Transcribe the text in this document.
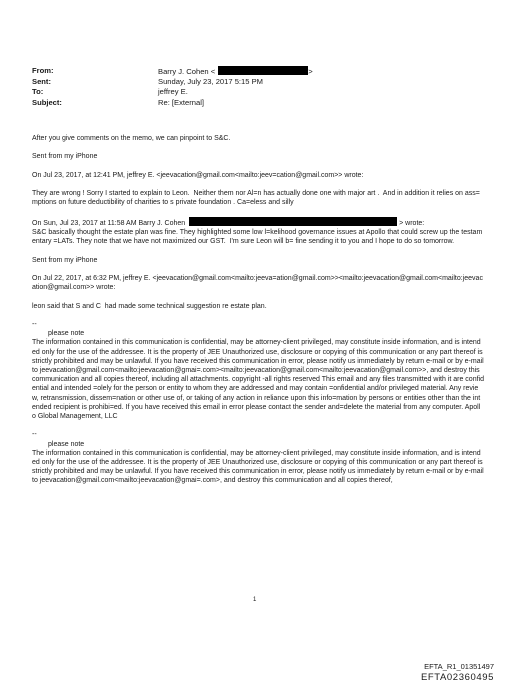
From:	Barry J. Cohen <	>
Sent:	Sunday, July 23, 2017 5:15 PM
To:	jeffrey E.
Subject:	Re: [External]

After you give comments on the memo, we can pinpoint to S&C.

Sent from my iPhone

On Jul 23, 2017, at 12:41 PM, jeffrey E. <jeevacation@gmail.com<mailto:jeev=cation@gmail.com>> wrote:

They are wrong ! Sorry I started to explain to Leon.  Neither them nor Al=n has actually done one with major art .  And in addition it relies on ass=mptions on future deductibility of charities to s private foundation . Ca=eless and silly

On Sun, Jul 23, 2017 at 11:58 AM Barry J. Cohen	> wrote:
S&C basically thought the estate plan was fine. They highlighted some low l=kelihood governance issues at Apollo that could screw up the testamentary =LATs. They note that we have not maximized our GST.  I'm sure Leon will b= fine sending it to you and I hope to do so tomorrow.

Sent from my iPhone

On Jul 22, 2017, at 6:32 PM, jeffrey E. <jeevacation@gmail.com<mailto:jeeva=ation@gmail.com>><mailto:jeevacation@gmail.com<mailto:jeevacation@gmail.com>> wrote:

leon said that S and C  had made some technical suggestion re estate plan.

--

please note

The information contained in this communication is confidential, may be attorney-client privileged, may constitute inside information, and is intended only for the use of the addressee. It is the property of JEE Unauthorized use, disclosure or copying of this communication or any part thereof is strictly prohibited and may be unlawful. If you have received this communication in error, please notify us immediately by return e-mail or by e-mail to jeevacation@gmail.com<mailto:jeevacation@gmai=.com><mailto:jeevacation@gmail.com<mailto:jeevacation@gmail.com>>, and destroy this communication and all copies thereof, including all attachments. copyright -all rights reserved This email and any files transmitted with it are confidential and intended =olely for the person or entity to whom they are addressed and may contain =onfidential and/or privileged material. Any review, retransmission, dissem=nation or other use of, or taking of any action in reliance upon this info=mation by persons or entities other than the intended recipient is prohibi=ed. If you have received this email in error please contact the sender and=delete the material from any computer. Apollo Global Management, LLC

--

please note

The information contained in this communication is confidential, may be attorney-client privileged, may constitute inside information, and is intended only for the use of the addressee. It is the property of JEE Unauthorized use, disclosure or copying of this communication or any part thereof is strictly prohibited and may be unlawful. If you have received this communication in error, please notify us immediately by return e-mail or by e-mail to jeevacation@gmail.com<mailto:jeevacation@gmai=.com>, and destroy this communication and all copies thereof,

1
EFTA_R1_01351497
EFTA02360495
